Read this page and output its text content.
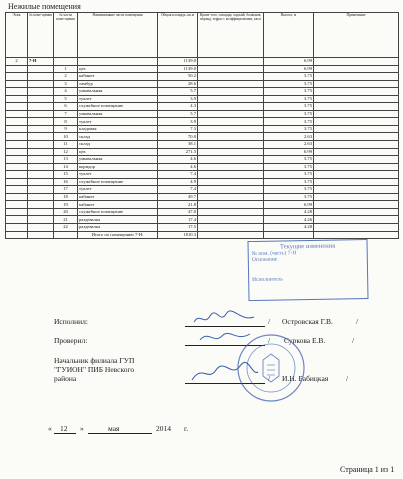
Нежилые помещения
Этаж	№ поме-щения	№ части поме-щения	Наименование части помещения	Общая площадь, кв.м	Кроме того, площадь лоджий, балконов, веранд, террас с коэффициентами, кв.м	Высота, м	Примечание
2	7-Н			1139,0		6.99	
		1	цех	1139.0		6.99	
		2	кабинет	50.2		3.75	
		3	тамбур	28.6		3.75	
		4	умывальная	5.7		3.75	
		5	туалет	3.9		3.75	
		6	служебное помещение	4.3		3.75	
		7	умывальная	5.7		3.75	
		8	туалет	3.9		3.75	
		9	кладовая	7.3		3.75	
		10	склад	70.0		2.63	
		11	склад	38.1		2.63	
		12	цех	271.3		6.99	
		13	умывальная	4.6		3.75	
		14	коридор	4.6		3.75	
		15	туалет	7.4		3.75	
		16	служебное помещение	4.9		3.75	
		17	туалет	7.4		3.75	
		18	кабинет	49.7		3.75	
		19	кабинет	21.8		6.99	
		20	служебное помещение	47.0		4.28	
		21	раздевалка	17.4		4.26	
		22	раздевалка	17.5		4.28	
			Итого по помещению 7-Н:	1810.3			
Текущие изменения
№ пом. (часть) 7-Н
Основание
Исполнитель
Исполнил:	/ Островская Г.В.	/
Проверил:	/ Суркова Е.В.	/
Начальник филиала ГУП
"ГУИОН" ПИБ Невского
района	/ И.Н. Бабицкая /
« 12 »	мая	2014 г.
Страница 1 из 1
